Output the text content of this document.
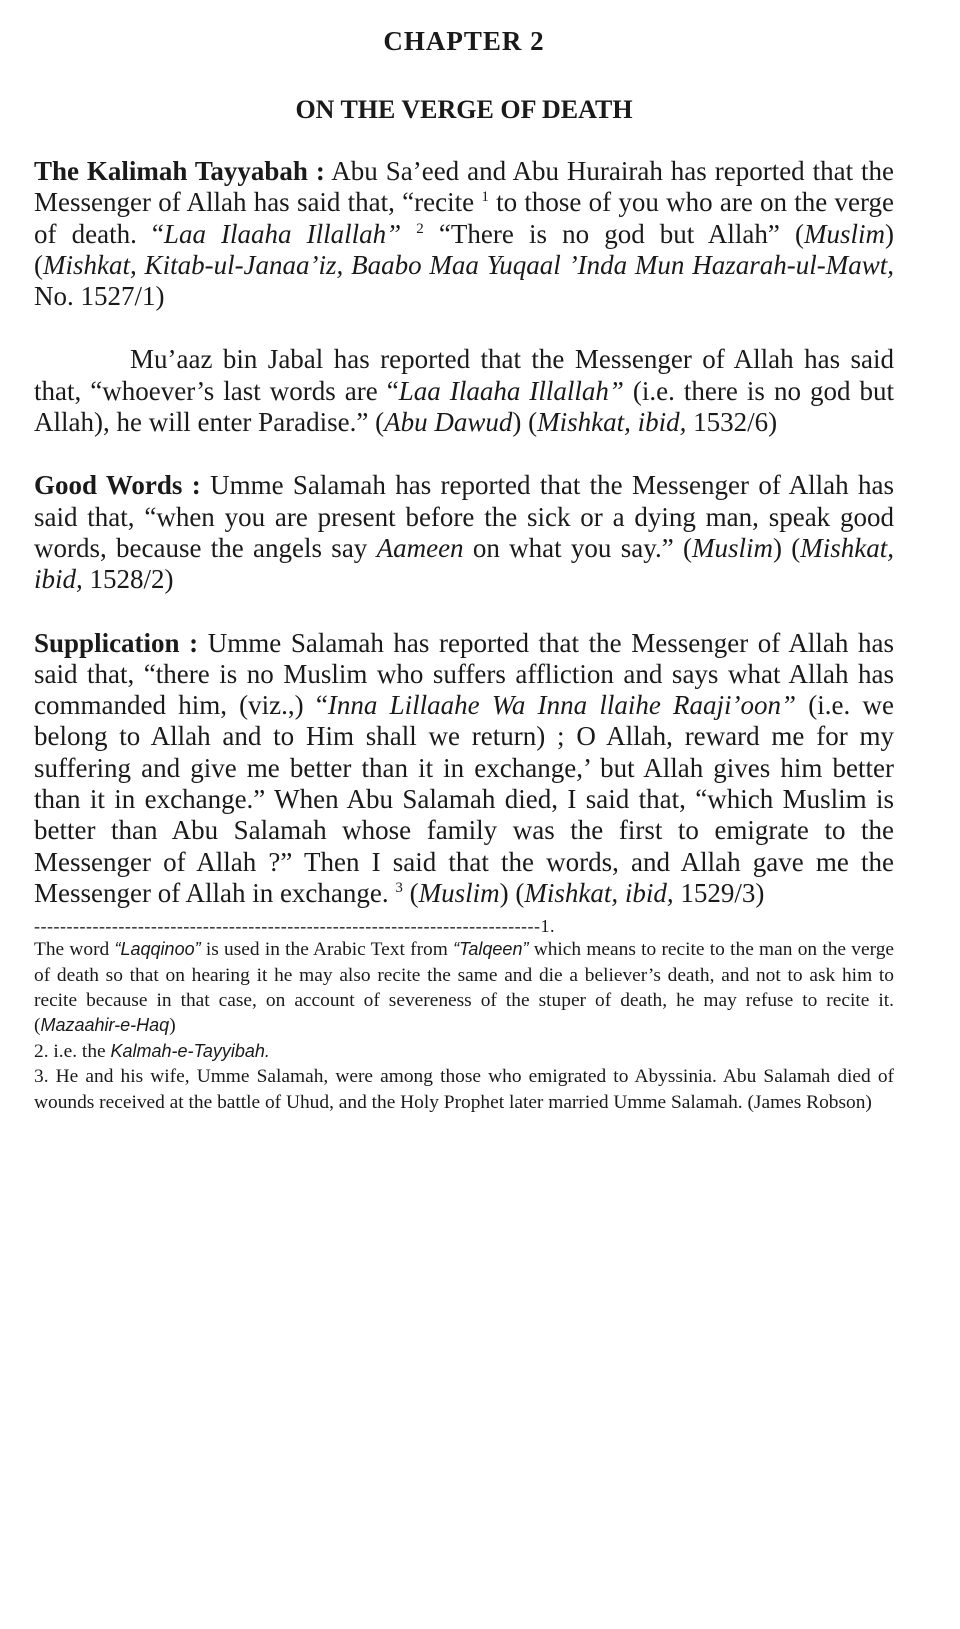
CHAPTER 2
ON THE VERGE OF DEATH

The Kalimah Tayyabah : Abu Sa’eed and Abu Hurairah has reported that the Messenger of Allah has said that, “recite $^1$ to those of you who are on the verge of death. “Laa Ilaaha Illallah” $^2$ “There is no god but Allah” (Muslim) (Mishkat, Kitab-ul-Janaa’iz, Baabo Maa Yuqaal ’Inda Mun Hazarah-ul-Mawt, No. 1527/1)

Mu’aaz bin Jabal has reported that the Messenger of Allah has said that, “whoever’s last words are “Laa Ilaaha Illallah” (i.e. there is no god but Allah), he will enter Paradise.” (Abu Dawud) (Mishkat, ibid, 1532/6)

Good Words : Umme Salamah has reported that the Messenger of Allah has said that, “when you are present before the sick or a dying man, speak good words, because the angels say Aameen on what you say.” (Muslim) (Mishkat, ibid, 1528/2)

Supplication : Umme Salamah has reported that the Messenger of Allah has said that, “there is no Muslim who suffers affliction and says what Allah has commanded him, (viz.,) “Inna Lillaahe Wa Inna llaihe Raaji’oon” (i.e. we belong to Allah and to Him shall we return) ; O Allah, reward me for my suffering and give me better than it in exchange,’ but Allah gives him better than it in exchange.” When Abu Salamah died, I said that, “which Muslim is better than Abu Salamah whose family was the first to emigrate to the Messenger of Allah ?” Then I said that the words, and Allah gave me the Messenger of Allah in exchange. $^3$ (Muslim) (Mishkat, ibid, 1529/3)

------------------------------------------------------------------------------1.

The word “Laqqinoo” is used in the Arabic Text from “Talqeen” which means to recite to the man on the verge of death so that on hearing it he may also recite the same and die a believer’s death, and not to ask him to recite because in that case, on account of severeness of the stuper of death, he may refuse to recite it. (Mazaahir-e-Haq)

2. i.e. the Kalmah-e-Tayyibah.

3. He and his wife, Umme Salamah, were among those who emigrated to Abyssinia. Abu Salamah died of wounds received at the battle of Uhud, and the Holy Prophet later married Umme Salamah. (James Robson)
